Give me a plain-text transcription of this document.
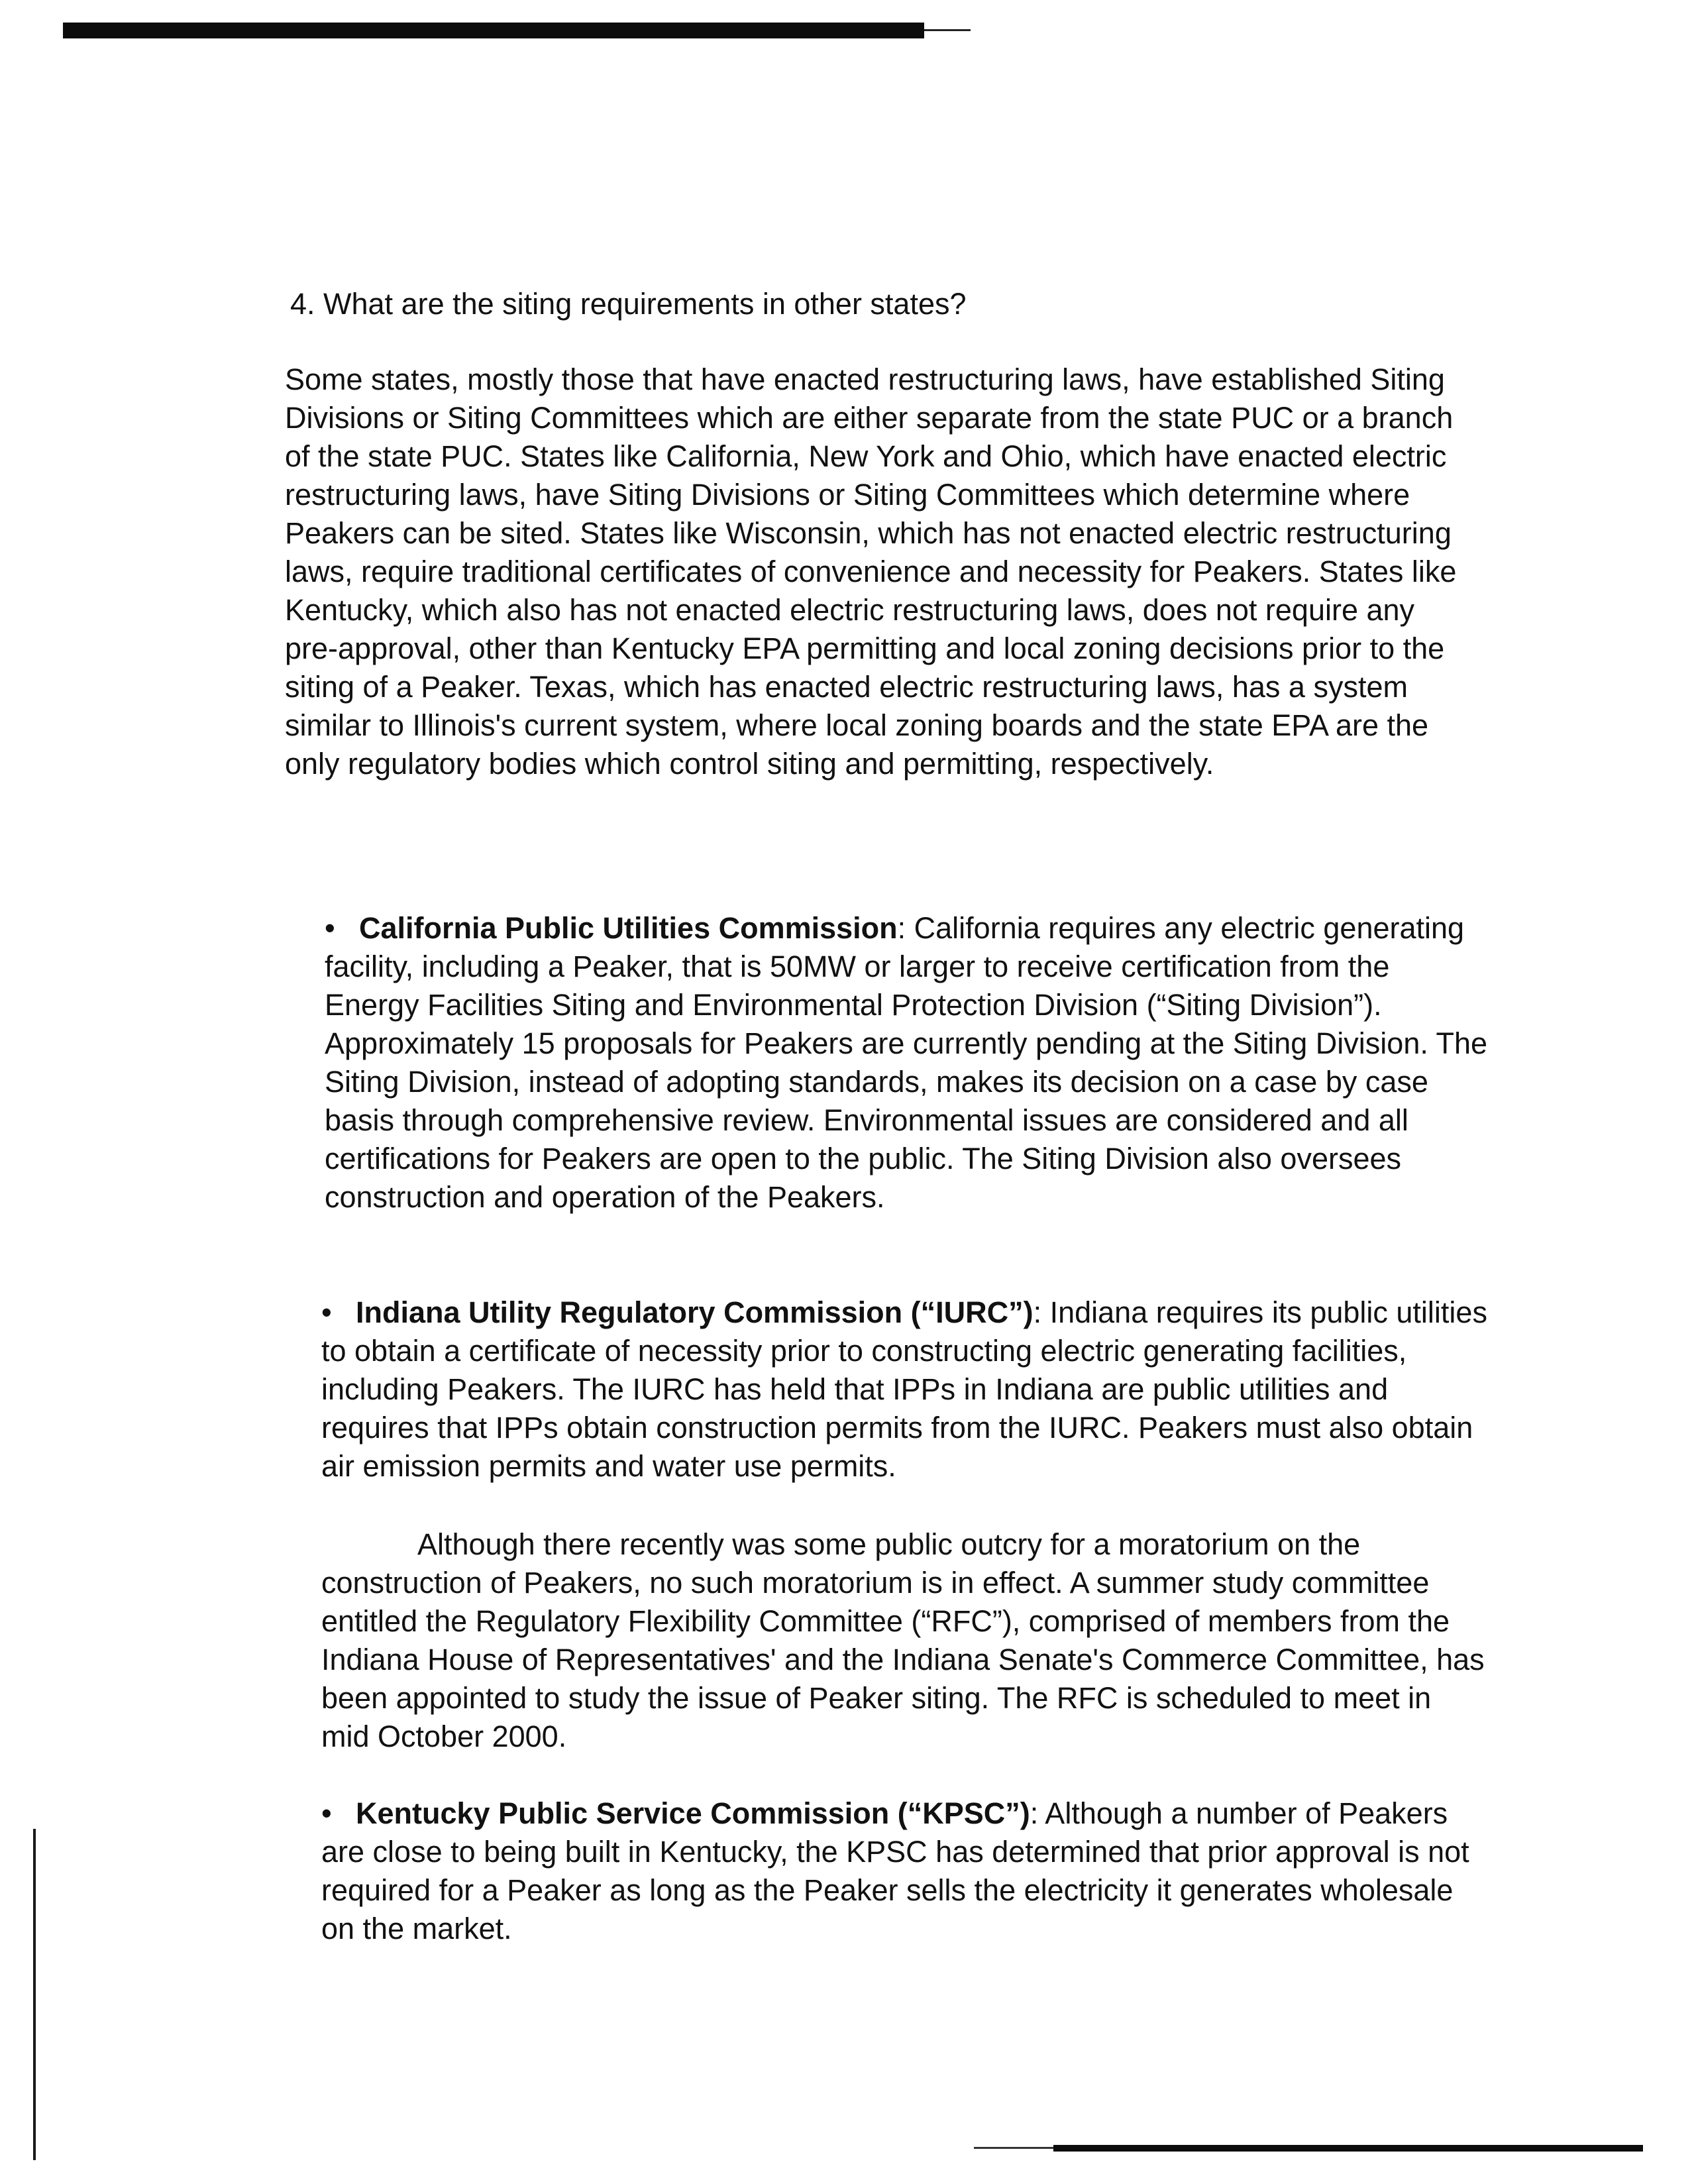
4. What are the siting requirements in other states?

Some states, mostly those that have enacted restructuring laws, have established Siting Divisions or Siting Committees which are either separate from the state PUC or a branch of the state PUC. States like California, New York and Ohio, which have enacted electric restructuring laws, have Siting Divisions or Siting Committees which determine where Peakers can be sited. States like Wisconsin, which has not enacted electric restructuring laws, require traditional certificates of convenience and necessity for Peakers. States like Kentucky, which also has not enacted electric restructuring laws, does not require any pre-approval, other than Kentucky EPA permitting and local zoning decisions prior to the siting of a Peaker. Texas, which has enacted electric restructuring laws, has a system similar to Illinois's current system, where local zoning boards and the state EPA are the only regulatory bodies which control siting and permitting, respectively.

• California Public Utilities Commission: California requires any electric generating facility, including a Peaker, that is 50MW or larger to receive certification from the Energy Facilities Siting and Environmental Protection Division (“Siting Division”). Approximately 15 proposals for Peakers are currently pending at the Siting Division. The Siting Division, instead of adopting standards, makes its decision on a case by case basis through comprehensive review. Environmental issues are considered and all certifications for Peakers are open to the public. The Siting Division also oversees construction and operation of the Peakers.

• Indiana Utility Regulatory Commission (“IURC”): Indiana requires its public utilities to obtain a certificate of necessity prior to constructing electric generating facilities, including Peakers. The IURC has held that IPPs in Indiana are public utilities and requires that IPPs obtain construction permits from the IURC. Peakers must also obtain air emission permits and water use permits.

Although there recently was some public outcry for a moratorium on the construction of Peakers, no such moratorium is in effect. A summer study committee entitled the Regulatory Flexibility Committee (“RFC”), comprised of members from the Indiana House of Representatives' and the Indiana Senate's Commerce Committee, has been appointed to study the issue of Peaker siting. The RFC is scheduled to meet in mid October 2000.

• Kentucky Public Service Commission (“KPSC”): Although a number of Peakers are close to being built in Kentucky, the KPSC has determined that prior approval is not required for a Peaker as long as the Peaker sells the electricity it generates wholesale on the market.
